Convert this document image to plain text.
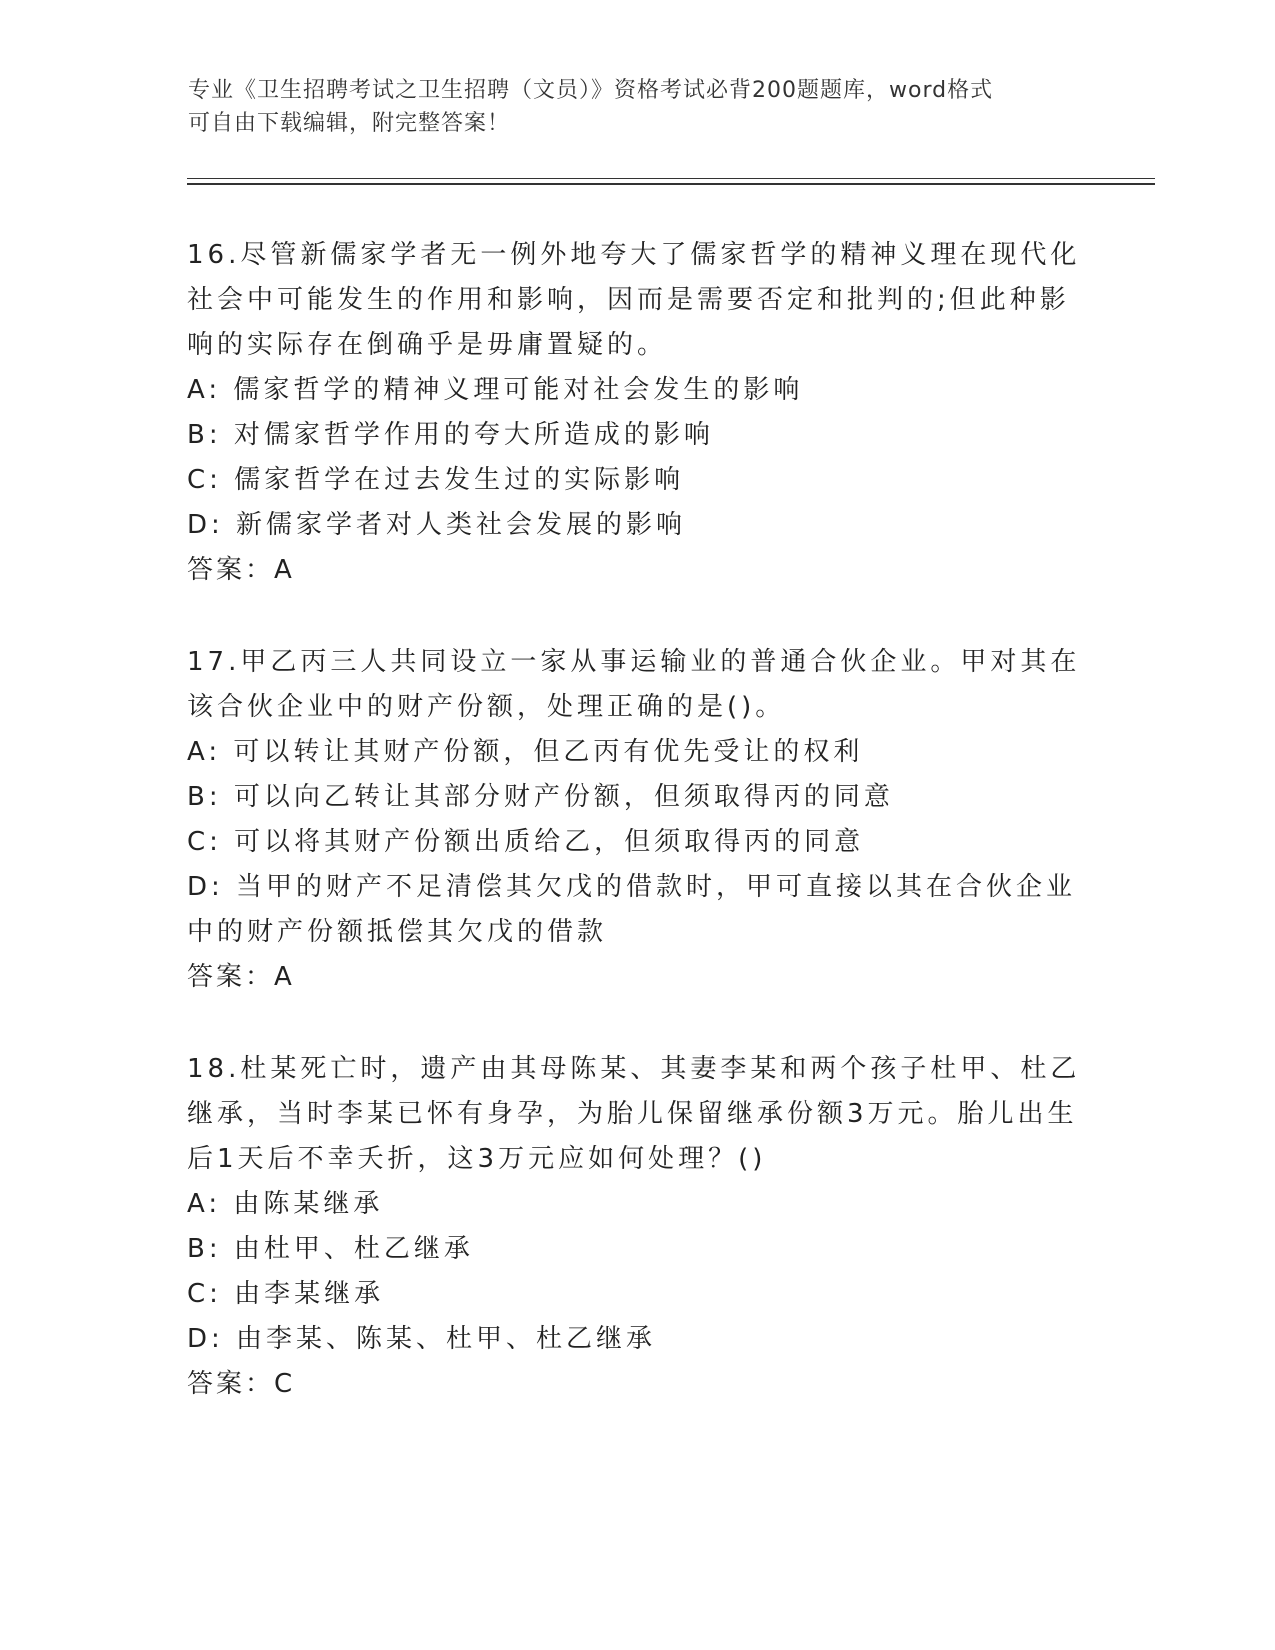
专业《卫生招聘考试之卫生招聘（文员）》资格考试必背200题题库，word格式
可自由下载编辑，附完整答案！
16.尽管新儒家学者无一例外地夸大了儒家哲学的精神义理在现代化社会中可能发生的作用和影响，因而是需要否定和批判的;但此种影响的实际存在倒确乎是毋庸置疑的。
A: 儒家哲学的精神义理可能对社会发生的影响
B: 对儒家哲学作用的夸大所造成的影响
C: 儒家哲学在过去发生过的实际影响
D: 新儒家学者对人类社会发展的影响
答案：A
17.甲乙丙三人共同设立一家从事运输业的普通合伙企业。甲对其在该合伙企业中的财产份额，处理正确的是()。
A: 可以转让其财产份额，但乙丙有优先受让的权利
B: 可以向乙转让其部分财产份额，但须取得丙的同意
C: 可以将其财产份额出质给乙，但须取得丙的同意
D: 当甲的财产不足清偿其欠戊的借款时，甲可直接以其在合伙企业中的财产份额抵偿其欠戊的借款
答案：A
18.杜某死亡时，遗产由其母陈某、其妻李某和两个孩子杜甲、杜乙继承，当时李某已怀有身孕，为胎儿保留继承份额3万元。胎儿出生后1天后不幸夭折，这3万元应如何处理？()
A: 由陈某继承
B: 由杜甲、杜乙继承
C: 由李某继承
D: 由李某、陈某、杜甲、杜乙继承
答案：C
